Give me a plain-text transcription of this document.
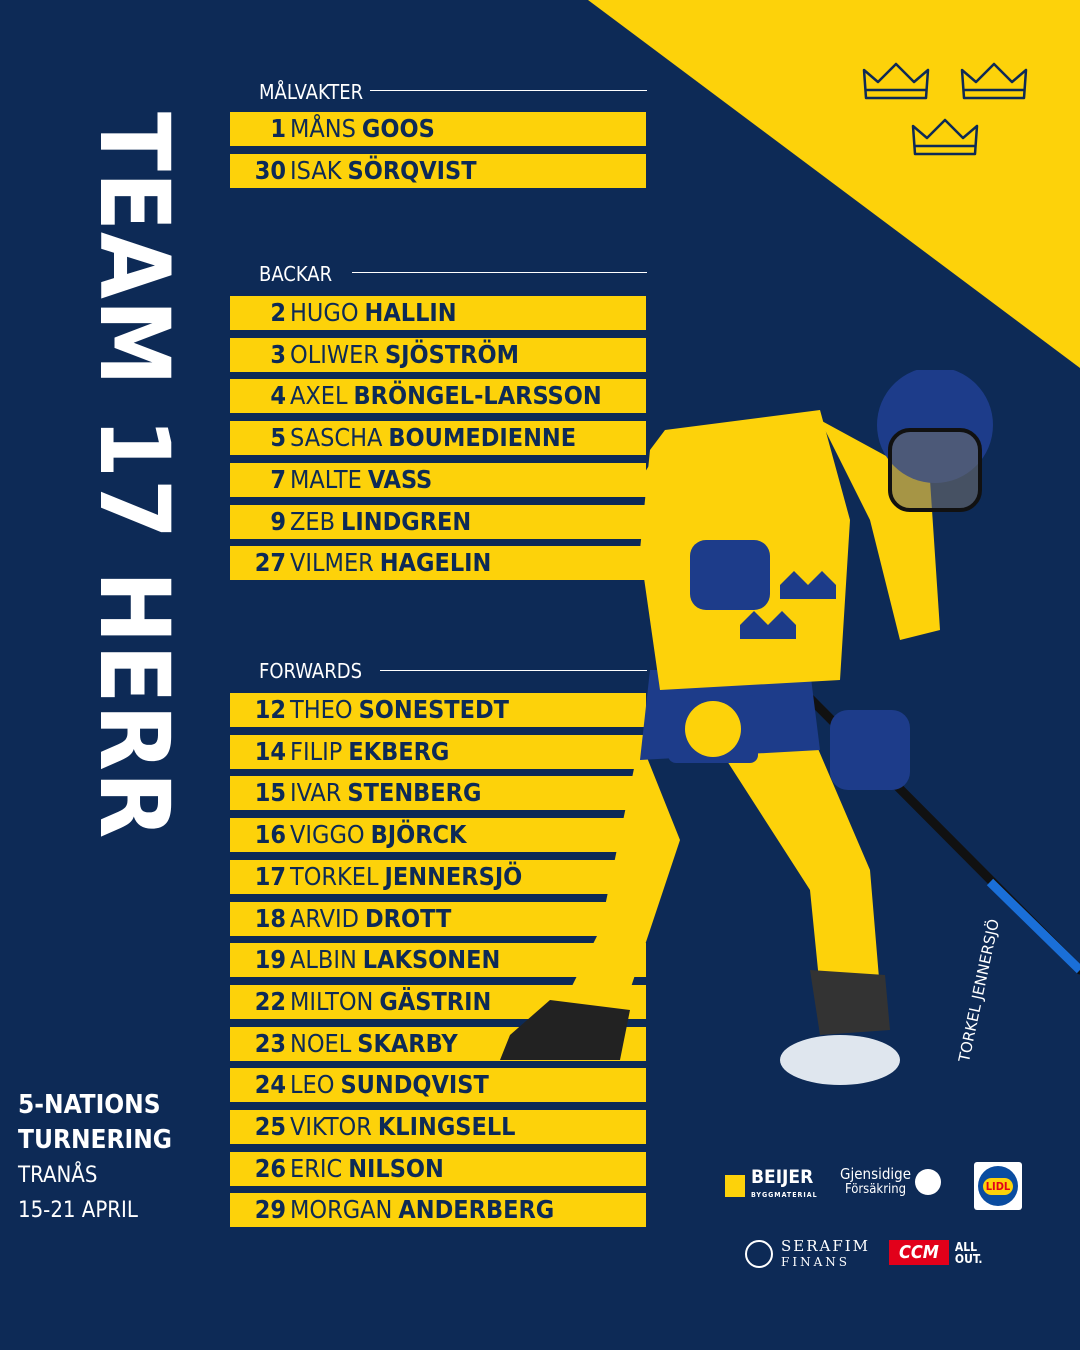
TEAM 17 HERR
MÅLVAKTER
1 MÅNS GOOS
30 ISAK SÖRQVIST
BACKAR
2 HUGO HALLIN
3 OLIWER SJÖSTRÖM
4 AXEL BRÖNGEL-LARSSON
5 SASCHA BOUMEDIENNE
7 MALTE VASS
9 ZEB LINDGREN
27 VILMER HAGELIN
FORWARDS
12 THEO SONESTEDT
14 FILIP EKBERG
15 IVAR STENBERG
16 VIGGO BJÖRCK
17 TORKEL JENNERSJÖ
18 ARVID DROTT
19 ALBIN LAKSONEN
22 MILTON GÄSTRIN
23 NOEL SKARBY
24 LEO SUNDQVIST
25 VIKTOR KLINGSELL
26 ERIC NILSON
29 MORGAN ANDERBERG
TORKEL JENNERSJÖ
5-NATIONS
TURNERING
TRANÅS
15-21 APRIL
BEIJER
BYGGMATERIAL
Gjensidige
Försäkring	LIDL
SERAFIM
FINANS	CCM	ALL
OUT.
